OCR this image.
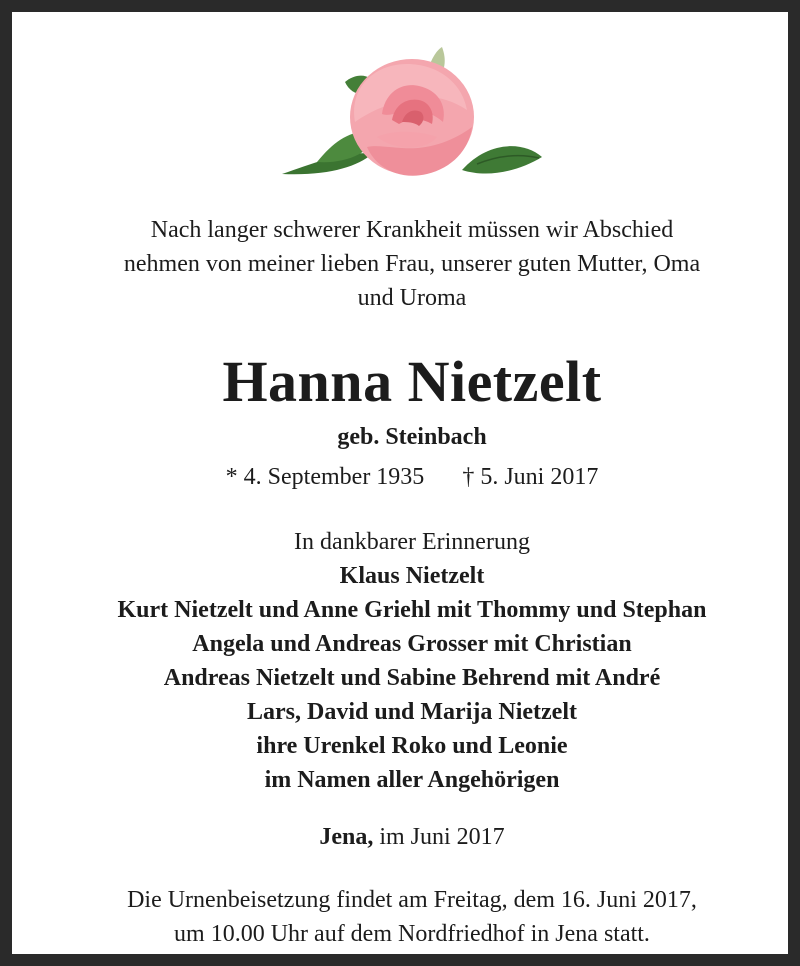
Nach langer schwerer Krankheit müssen wir Abschied
nehmen von meiner lieben Frau, unserer guten Mutter, Oma
und Uroma
Hanna Nietzelt
geb. Steinbach
* 4. September 1935 † 5. Juni 2017
In dankbarer Erinnerung
Klaus Nietzelt
Kurt Nietzelt und Anne Griehl mit Thommy und Stephan
Angela und Andreas Grosser mit Christian
Andreas Nietzelt und Sabine Behrend mit André
Lars, David und Marija Nietzelt
ihre Urenkel Roko und Leonie
im Namen aller Angehörigen
Jena, im Juni 2017
Die Urnenbeisetzung findet am Freitag, dem 16. Juni 2017,
um 10.00 Uhr auf dem Nordfriedhof in Jena statt.
